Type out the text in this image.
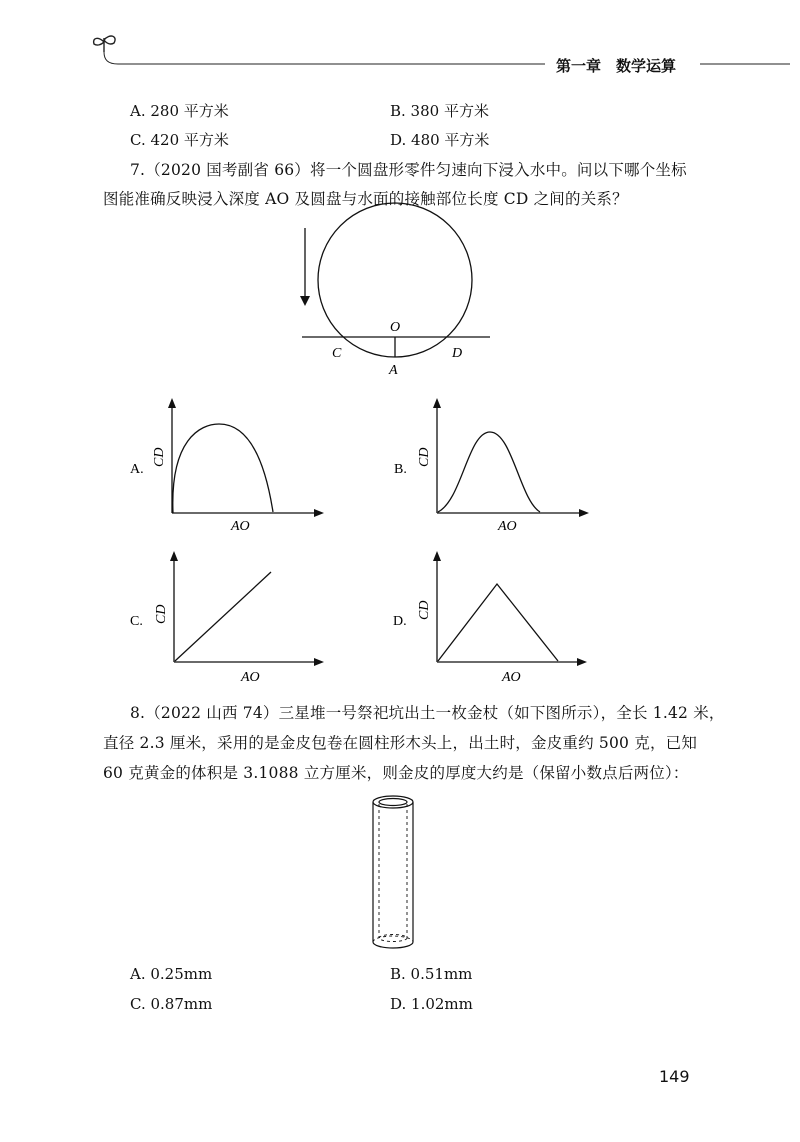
第一章　数学运算
A. 280 平方米	B. 380 平方米
C. 420 平方米	D. 480 平方米
7.（2020 国考副省 66）将一个圆盘形零件匀速向下浸入水中。问以下哪个坐标
图能准确反映浸入深度 AO 及圆盘与水面的接触部位长度 CD 之间的关系？
O
A
C	D
A.
CD
AO
B.
CD
AO
C. CD
AO
D.
CD
AO
8.（2022 山西 74）三星堆一号祭祀坑出土一枚金杖（如下图所示），全长 1.42 米，
直径 2.3 厘米，采用的是金皮包卷在圆柱形木头上，出土时，金皮重约 500 克，已知
60 克黄金的体积是 3.1088 立方厘米，则金皮的厚度大约是（保留小数点后两位）：
A. 0.25mm	B. 0.51mm
C. 0.87mm	D. 1.02mm
149
